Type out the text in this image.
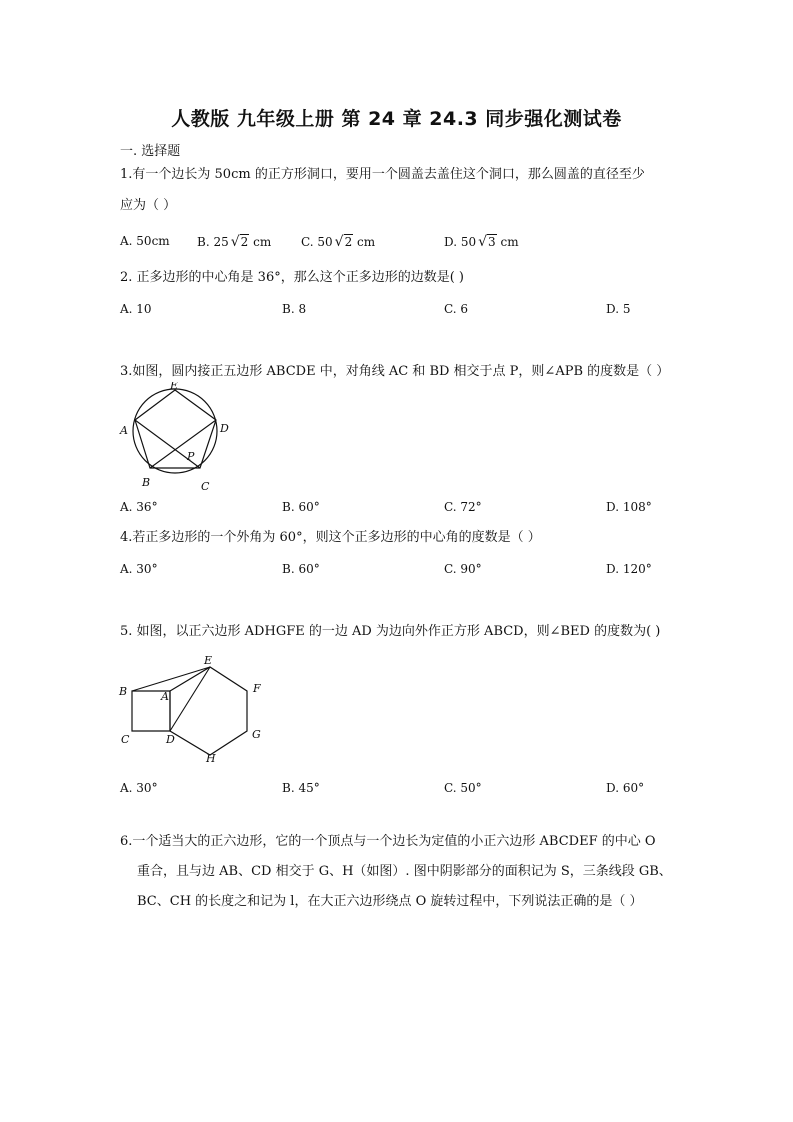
人教版 九年级上册 第 24 章 24.3 同步强化测试卷
一. 选择题
1.有一个边长为 50cm 的正方形洞口，要用一个圆盖去盖住这个洞口，那么圆盖的直径至少
应为（ ）
A. 50cm B. 25 √2 cm C. 50 √2 cm	D. 50 √3 cm
2. 正多边形的中心角是 36°，那么这个正多边形的边数是( )
A. 10	B. 8	C. 6	D. 5
3.如图，圆内接正五边形 ABCDE 中，对角线 AC 和 BD 相交于点 P，则∠APB 的度数是（ ）
E
A	D
P
B	C
A. 36°	B. 60°	C. 72°	D. 108°
4.若正多边形的一个外角为 60°，则这个正多边形的中心角的度数是（ ）
A. 30°	B. 60°	C. 90°	D. 120°
5. 如图，以正六边形 ADHGFE 的一边 AD 为边向外作正方形 ABCD，则∠BED 的度数为( )
E
B	A
F
C	D	G
H
A. 30°	B. 45°	C. 50°	D. 60°
6.一个适当大的正六边形，它的一个顶点与一个边长为定值的小正六边形 ABCDEF 的中心 O
重合，且与边 AB、CD 相交于 G、H（如图）. 图中阴影部分的面积记为 S，三条线段 GB、
BC、CH 的长度之和记为 l，在大正六边形绕点 O 旋转过程中，下列说法正确的是（ ）
